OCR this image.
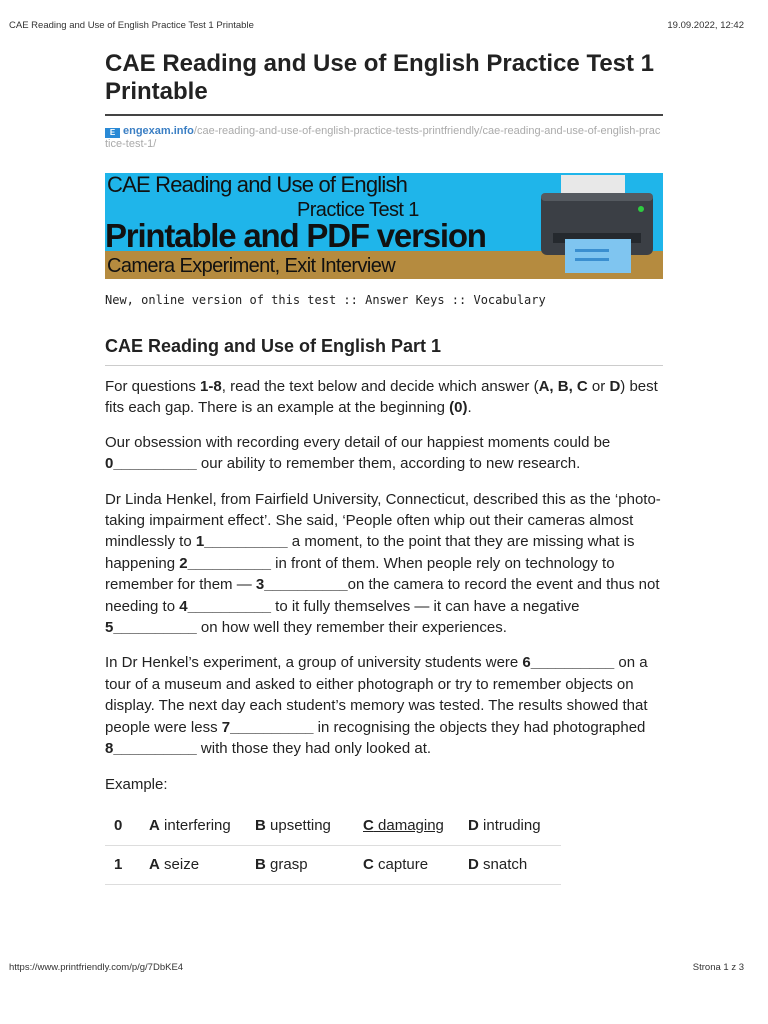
CAE Reading and Use of English Practice Test 1 Printable	19.09.2022, 12:42
CAE Reading and Use of English Practice Test 1 Printable
E engexam.info/cae-reading-and-use-of-english-practice-tests-printfriendly/cae-reading-and-use-of-english-practice-test-1/
CAE Reading and Use of English
Practice Test 1
Printable and PDF version
Camera Experiment, Exit Interview
New, online version of this test :: Answer Keys :: Vocabulary
CAE Reading and Use of English Part 1

For questions 1-8, read the text below and decide which answer (A, B, C or D) best fits each gap. There is an example at the beginning (0).

Our obsession with recording every detail of our happiest moments could be 0__________ our ability to remember them, according to new research.

Dr Linda Henkel, from Fairfield University, Connecticut, described this as the ‘photo-taking impairment effect’. She said, ‘People often whip out their cameras almost mindlessly to 1__________ a moment, to the point that they are missing what is happening 2__________ in front of them. When people rely on technology to remember for them — 3__________on the camera to record the event and thus not needing to 4__________ to it fully themselves — it can have a negative 5__________ on how well they remember their experiences.

In Dr Henkel’s experiment, a group of university students were 6__________ on a tour of a museum and asked to either photograph or try to remember objects on display. The next day each student’s memory was tested. The results showed that people were less 7__________ in recognising the objects they had photographed 8__________ with those they had only looked at.

Example:

0	A interfering	B upsetting	C damaging	D intruding
1	A seize	B grasp	C capture	D snatch
https://www.printfriendly.com/p/g/7DbKE4	Strona 1 z 3
